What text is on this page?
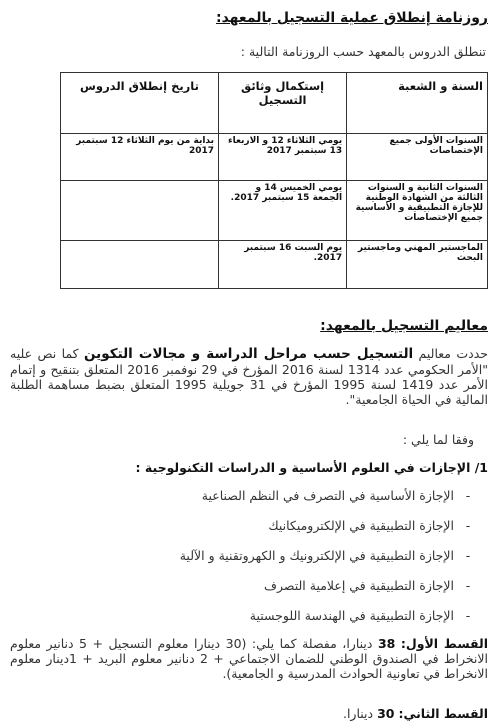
روزنامة إنطلاق عملية التسجيل بالمعهد:
تنطلق الدروس بالمعهد حسب الروزنامة التالية :
السنة و الشعبة	إستكمال وثائق التسجيل	تاريخ إنطلاق الدروس
السنوات الأولى جميع الإختصاصات	يومي الثلاثاء 12 و الاربعاء 13 سبتمبر 2017	بداية من يوم الثلاثاء 12 سبتمبر 2017
السنوات الثانية و السنوات الثالثة من الشهادة الوطنية للإجازة التطبيقية و الأساسية جميع الإختصاصات	يومي الخميس 14 و الجمعة 15 سبتمبر 2017.	
الماجستير المهني وماجستير البحث	يوم السبت 16 سبتمبر 2017.	
معاليم التسجيل بالمعهد:
حددت معاليم التسجيل حسب مراحل الدراسة و مجالات التكوين كما نص عليه "الأمر الحكومي عدد 1314 لسنة 2016 المؤرخ في 29 نوفمبر 2016 المتعلق بتنقيح و إتمام الأمر عدد 1419 لسنة 1995 المؤرخ في 31 جويلية 1995 المتعلق بضبط مساهمة الطلبة المالية في الحياة الجامعية".
وفقا لما يلي :
1/ الإجازات في العلوم الأساسية و الدراسات التكنولوجية :
-
الإجازة الأساسية في التصرف في النظم الصناعية
-
الإجازة التطبيقية في الإلكتروميكانيك
-
الإجازة التطبيقية في الإلكترونيك و الكهروتقنية و الآلية
-
الإجازة التطبيقية في إعلامية التصرف
-
الإجازة التطبيقية في الهندسة اللوجستية
القسط الأول: 38 دينارا، مفصلة كما يلي: (30 دينارا معلوم التسجيل + 5 دنانير معلوم الانخراط في الصندوق الوطني للضمان الاجتماعي + 2 دنانير معلوم البريد + 1دينار معلوم الانخراط في تعاونية الحوادث المدرسية و الجامعية).
القسط الثاني: 30 دينارا.
